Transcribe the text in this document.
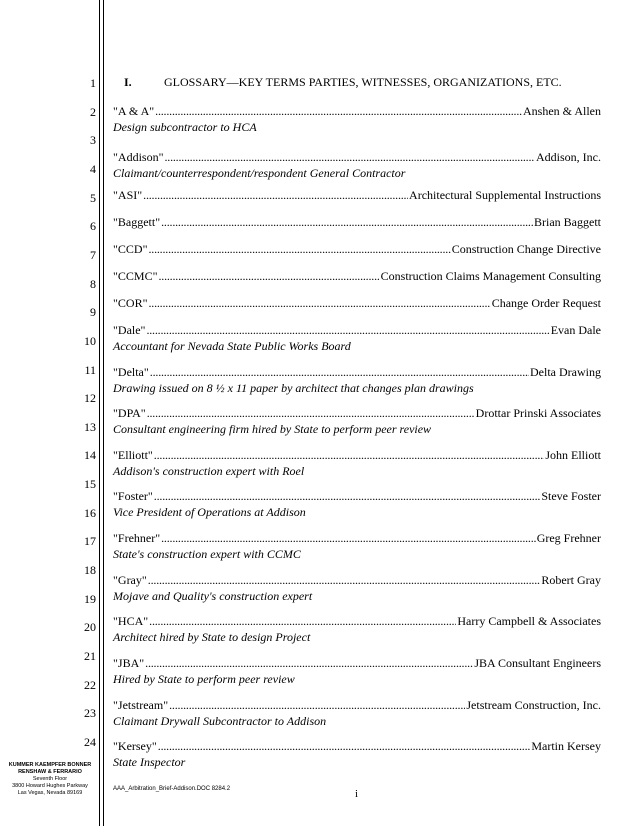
1
2
3
4
5
6
7
8
9
10
11
12
13
14
15
16
17
18
19
20
21
22
23
24
I.	GLOSSARY—KEY TERMS PARTIES, WITNESSES, ORGANIZATIONS, ETC.
"A & A" . . .	Anshen & Allen
Design subcontractor to HCA
"Addison" . . .	Addison, Inc.
Claimant/counterrespondent/respondent General Contractor
"ASI" . . .	Architectural Supplemental Instructions
"Baggett" . . .	Brian Baggett
"CCD" . . .	Construction Change Directive
"CCMC" . . .	Construction Claims Management Consulting
"COR" . . .	Change Order Request
"Dale" . . .	Evan Dale
Accountant for Nevada State Public Works Board
"Delta" . . .	Delta Drawing
Drawing issued on 8 ½ x 11 paper by architect that changes plan drawings
"DPA" . . .	Drottar Prinski Associates
Consultant engineering firm hired by State to perform peer review
"Elliott" . . .	John Elliott
Addison's construction expert with Roel
"Foster" . . .	Steve Foster
Vice President of Operations at Addison
"Frehner" . . .	Greg Frehner
State's construction expert with CCMC
"Gray" . . .	Robert Gray
Mojave and Quality's construction expert
"HCA" . . .	Harry Campbell & Associates
Architect hired by State to design Project
"JBA" . . .	JBA Consultant Engineers
Hired by State to perform peer review
"Jetstream" . . .	Jetstream Construction, Inc.
Claimant Drywall Subcontractor to Addison
"Kersey" . . .	Martin Kersey
State Inspector
KUMMER KAEMPFER BONNER
RENSHAW & FERRARIO
Seventh Floor
3800 Howard Hughes Parkway
Las Vegas, Nevada 89169
AAA_Arbitration_Brief-Addison.DOC 8284.2	i
